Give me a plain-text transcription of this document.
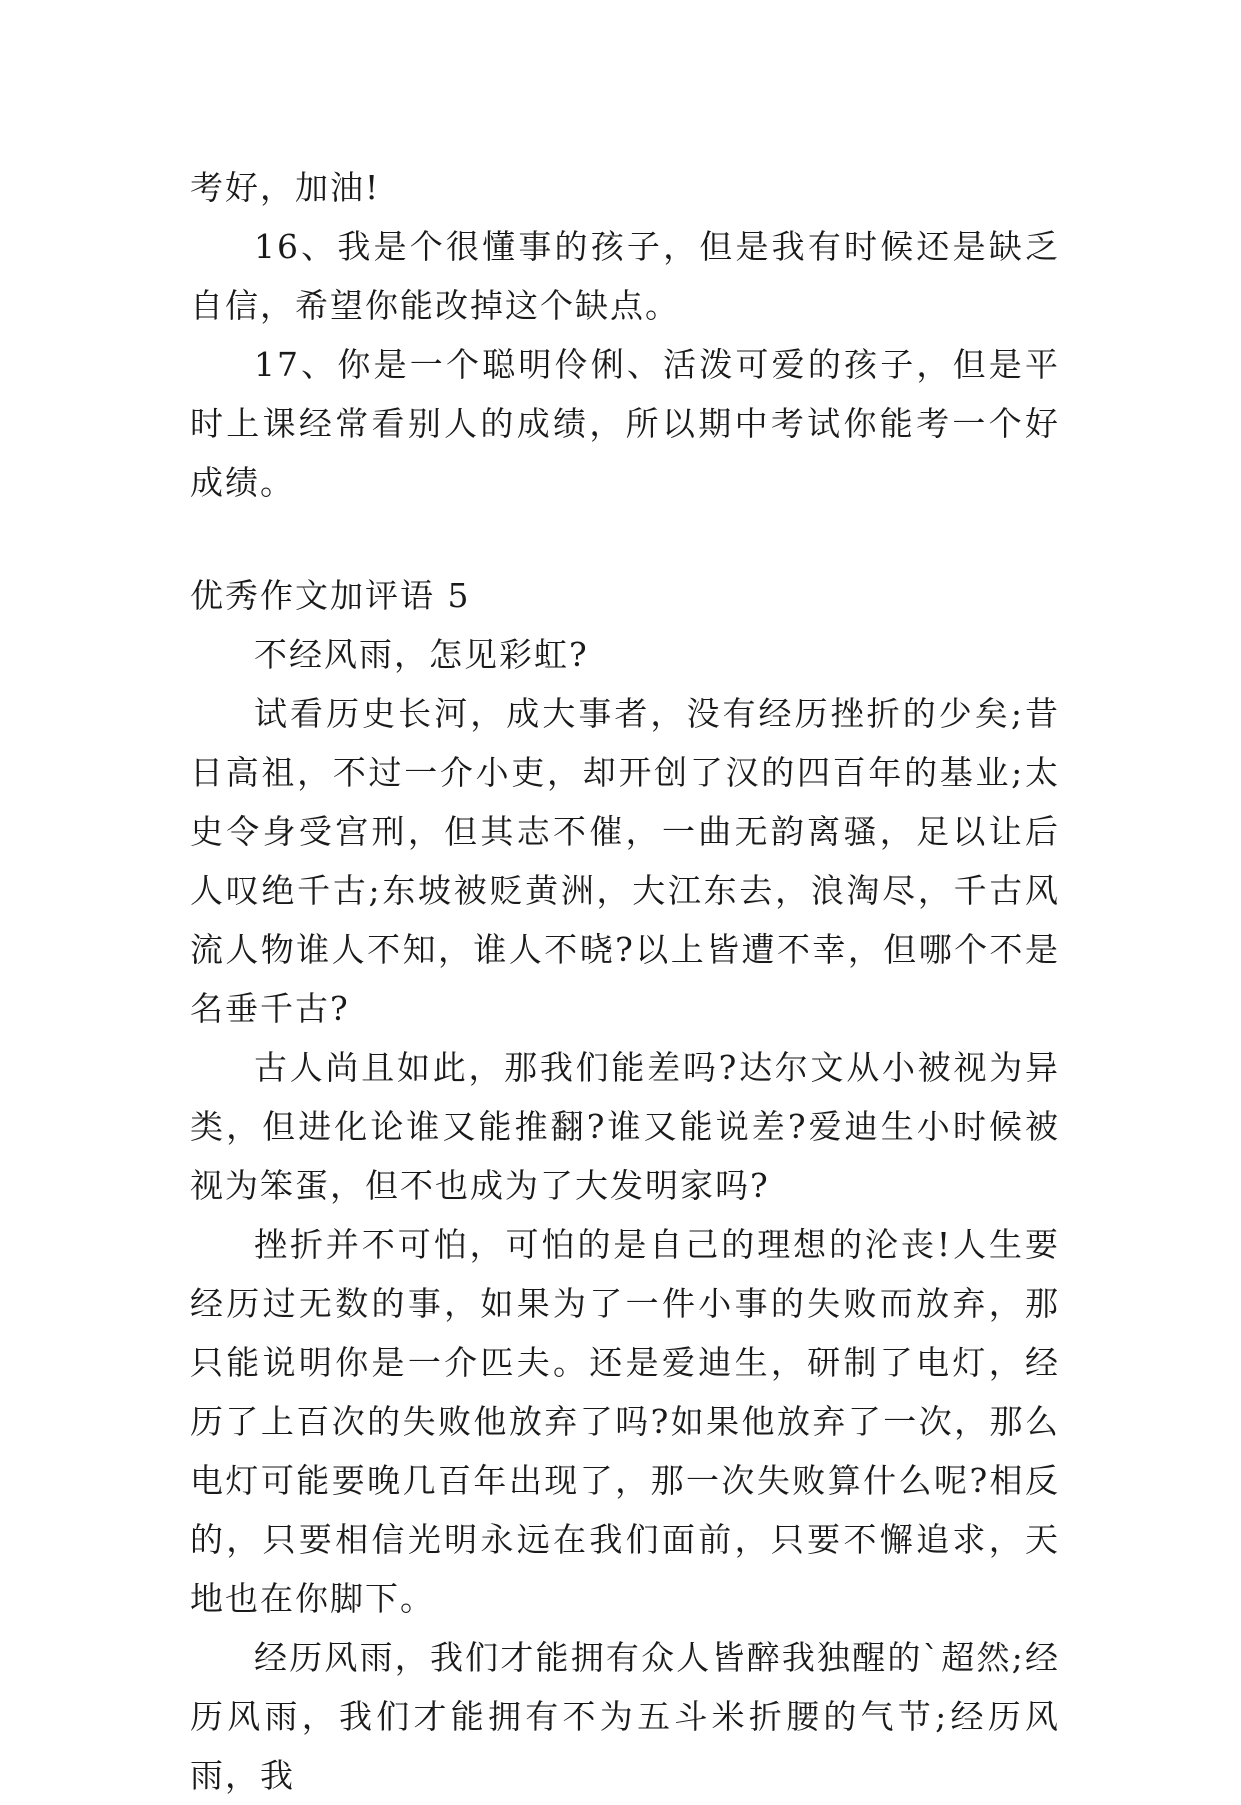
考好，加油!

16、我是个很懂事的孩子，但是我有时候还是缺乏自信，希望你能改掉这个缺点。

17、你是一个聪明伶俐、活泼可爱的孩子，但是平时上课经常看别人的成绩，所以期中考试你能考一个好成绩。

优秀作文加评语 5

不经风雨，怎见彩虹?

试看历史长河，成大事者，没有经历挫折的少矣;昔日高祖，不过一介小吏，却开创了汉的四百年的基业;太史令身受宫刑，但其志不催，一曲无韵离骚，足以让后人叹绝千古;东坡被贬黄洲，大江东去，浪淘尽，千古风流人物谁人不知，谁人不晓?以上皆遭不幸，但哪个不是名垂千古?

古人尚且如此，那我们能差吗?达尔文从小被视为异类，但进化论谁又能推翻?谁又能说差?爱迪生小时候被视为笨蛋，但不也成为了大发明家吗?

挫折并不可怕，可怕的是自己的理想的沦丧!人生要经历过无数的事，如果为了一件小事的失败而放弃，那只能说明你是一介匹夫。还是爱迪生，研制了电灯，经历了上百次的失败他放弃了吗?如果他放弃了一次，那么电灯可能要晚几百年出现了，那一次失败算什么呢?相反的，只要相信光明永远在我们面前，只要不懈追求，天地也在你脚下。

经历风雨，我们才能拥有众人皆醉我独醒的`超然;经历风雨，我们才能拥有不为五斗米折腰的气节;经历风雨，我
